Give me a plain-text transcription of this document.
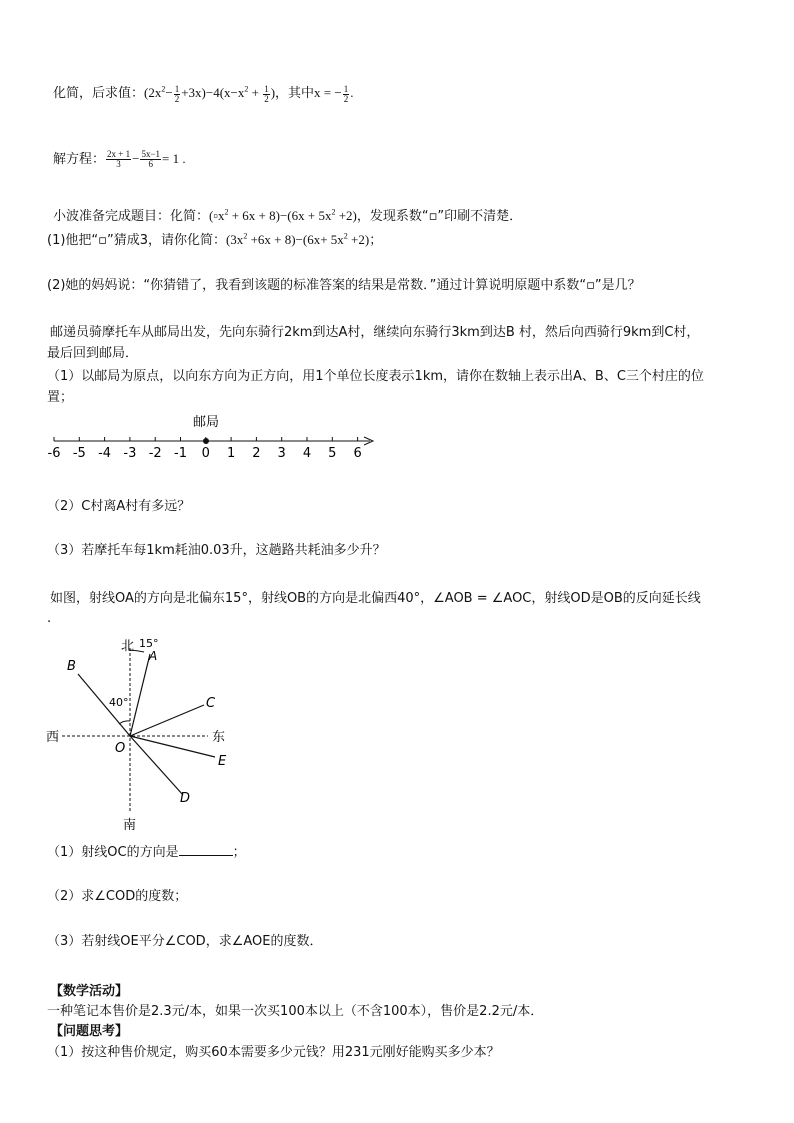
化简，后求值：$(2x^2- \frac{1}{2} +3x)-4(x-x^2 + \frac{1}{2}$ )，其中x = − $\frac{1}{2}$ .
解方程： $\frac{2x + 1}{3} - \frac{5x-1}{6} = 1$ .
小波准备完成题目：化简：$(▫x^2 + 6x + 8)-(6x + 5x^2 +2)$，发现系数“▫”印刷不清楚．
(1)他把“▫”猜成3，请你化简：$(3x^2 +6x + 8)-(6x+ 5x^2 +2)$；
(2)她的妈妈说：“你猜错了，我看到该题的标准答案的结果是常数．”通过计算说明原题中系数“▫”是几？
邮递员骑摩托车从邮局出发，先向东骑行2km到达A村，继续向东骑行3km到达B 村，然后向西骑行9km到C村，
最后回到邮局．
（1）以邮局为原点，以向东方向为正方向，用1个单位长度表示1km，请你在数轴上表示出A、B、C三个村庄的位
置；
邮局
-6 -5 -4 -3 -2 -1 0 1 2 3 4 5 6
（2）C村离A村有多远？
（3）若摩托车每1km耗油0.03升，这趟路共耗油多少升？
如图，射线OA的方向是北偏东15°，射线OB的方向是北偏西40°，∠AOB = ∠AOC，射线OD是OB的反向延长线
.
北
南
西	东
15°
40°
A
B
C
D
E
O
（1）射线OC的方向是	；
（2）求∠COD的度数；
（3）若射线OE平分∠COD，求∠AOE的度数．
【数学活动】
一种笔记本售价是2.3元/本，如果一次买100本以上（不含100本），售价是2.2元/本．
【问题思考】
（1）按这种售价规定，购买60本需要多少元钱？用231元刚好能购买多少本？
